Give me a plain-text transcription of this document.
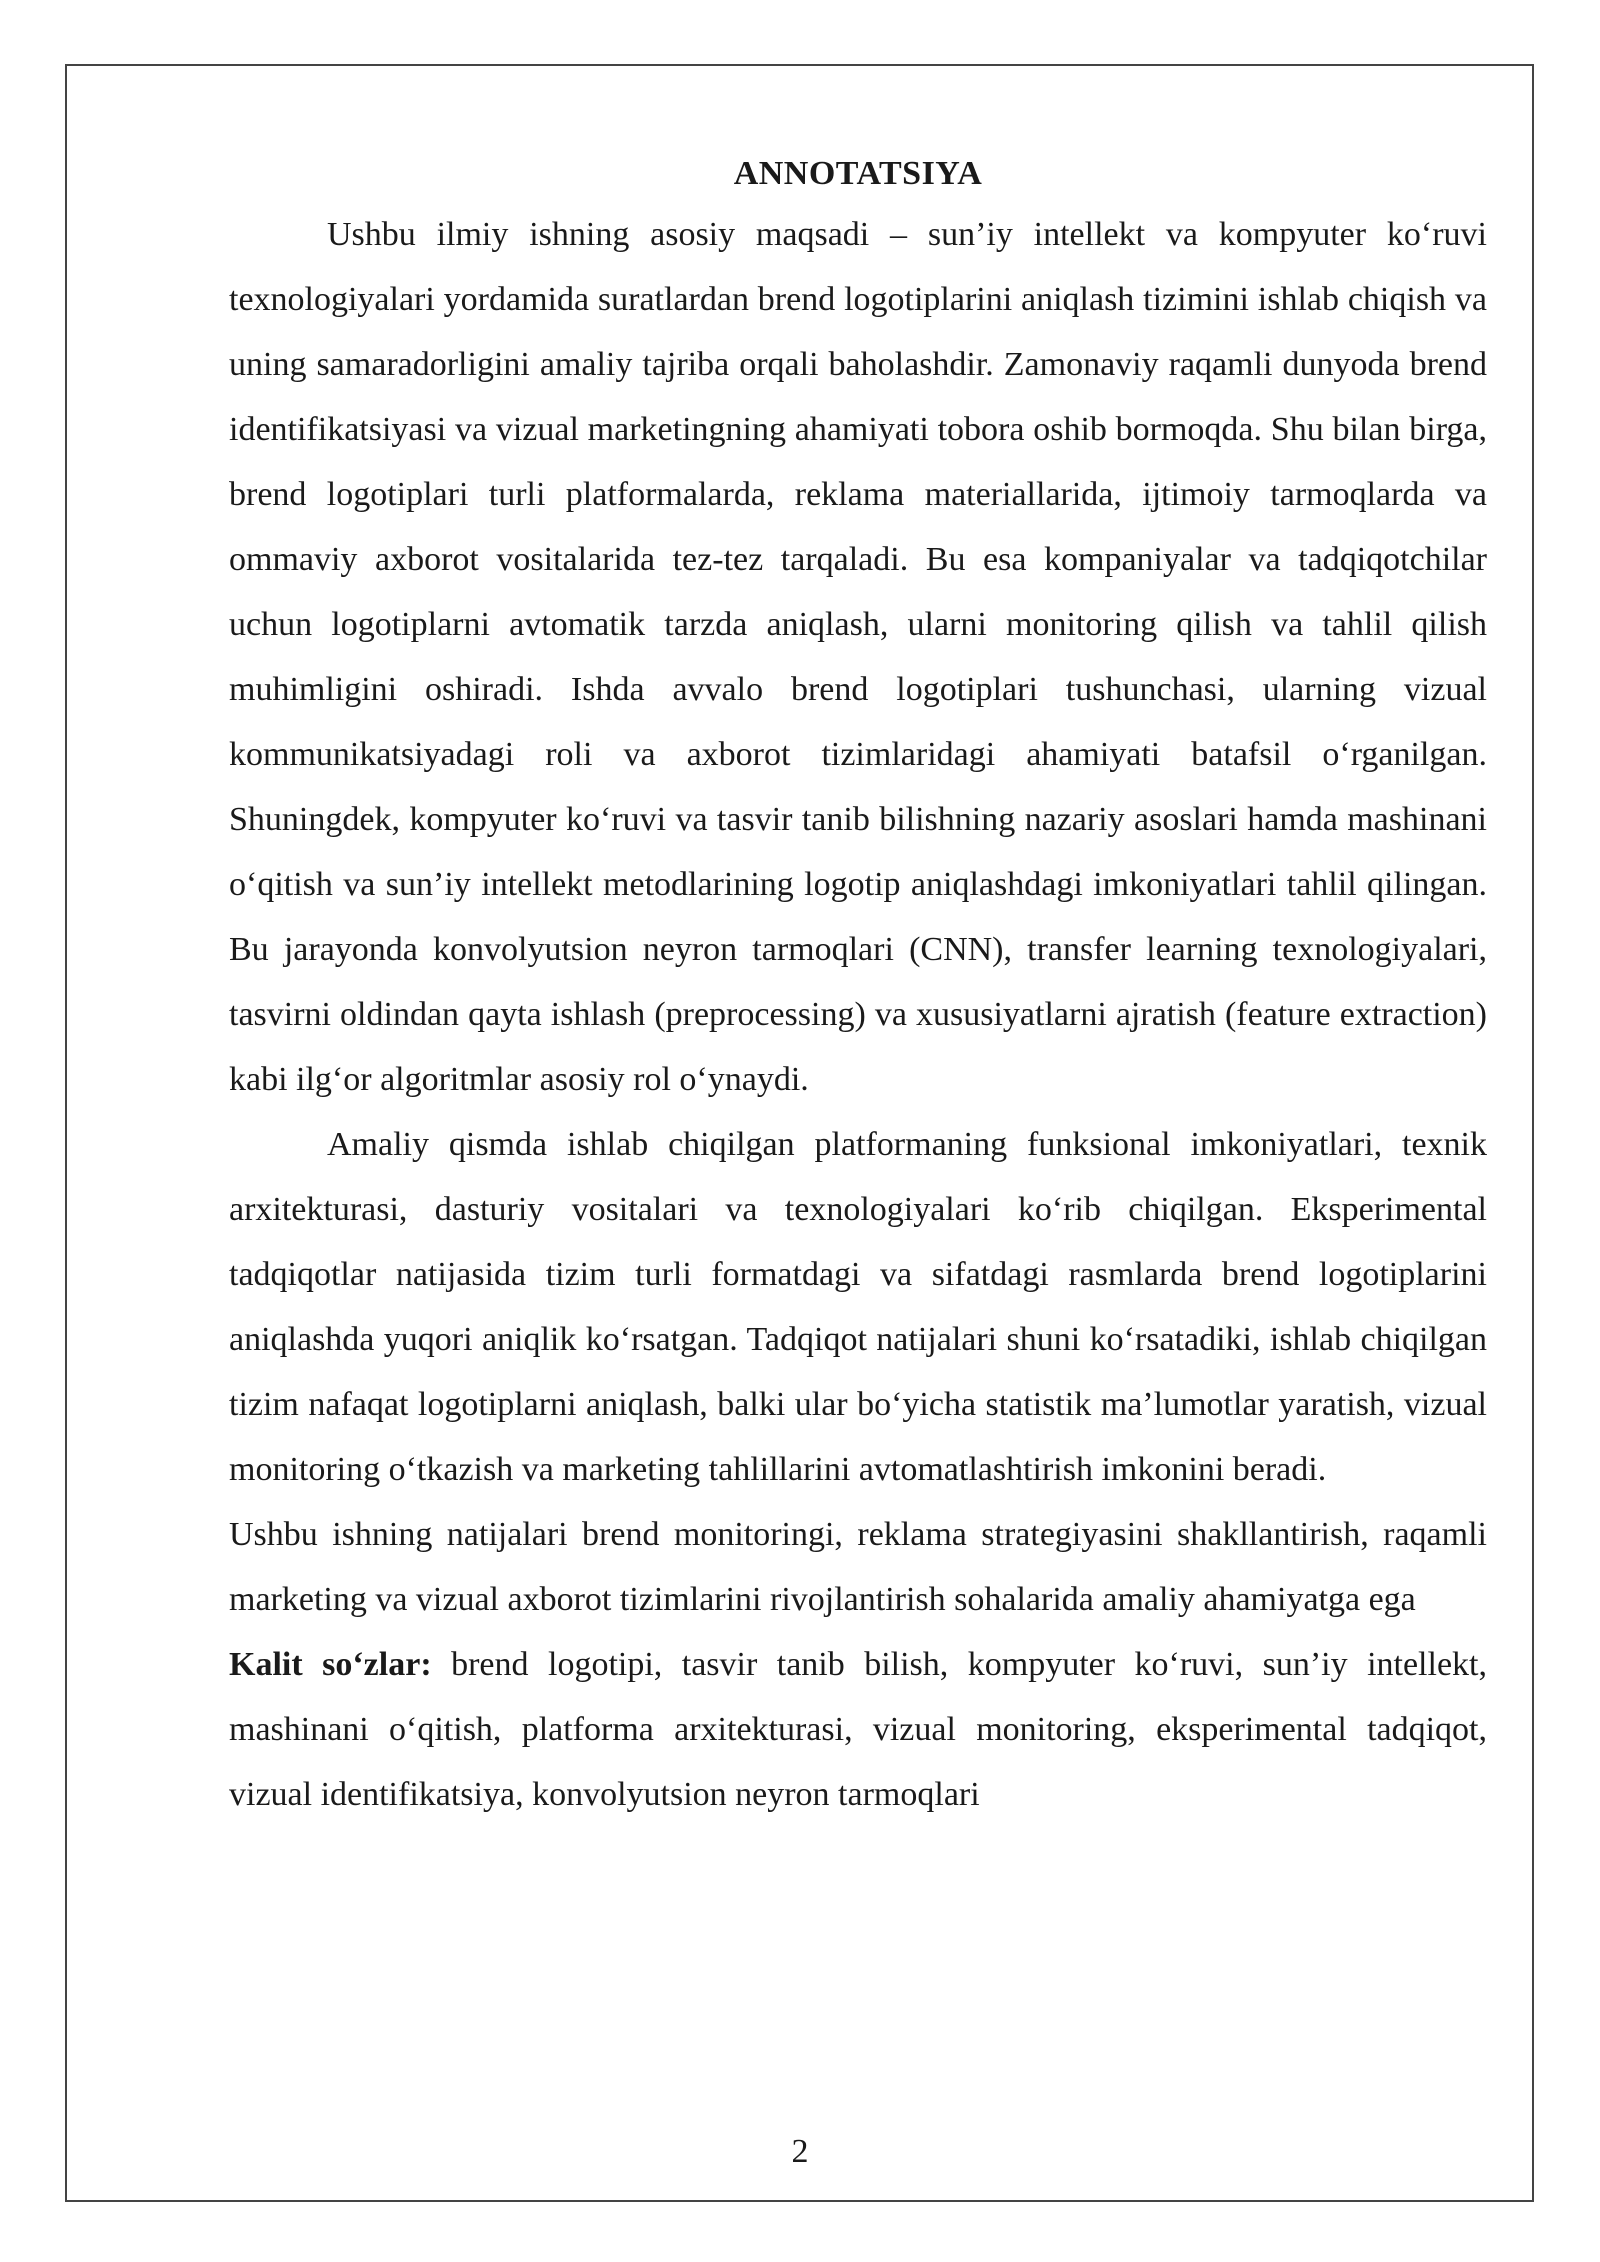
ANNOTATSIYA

Ushbu ilmiy ishning asosiy maqsadi – sun’iy intellekt va kompyuter ko‘ruvi texnologiyalari yordamida suratlardan brend logotiplarini aniqlash tizimini ishlab chiqish va uning samaradorligini amaliy tajriba orqali baholashdir. Zamonaviy raqamli dunyoda brend identifikatsiyasi va vizual marketingning ahamiyati tobora oshib bormoqda. Shu bilan birga, brend logotiplari turli platformalarda, reklama materiallarida, ijtimoiy tarmoqlarda va ommaviy axborot vositalarida tez-tez tarqaladi. Bu esa kompaniyalar va tadqiqotchilar uchun logotiplarni avtomatik tarzda aniqlash, ularni monitoring qilish va tahlil qilish muhimligini oshiradi. Ishda avvalo brend logotiplari tushunchasi, ularning vizual kommunikatsiyadagi roli va axborot tizimlaridagi ahamiyati batafsil o‘rganilgan. Shuningdek, kompyuter ko‘ruvi va tasvir tanib bilishning nazariy asoslari hamda mashinani o‘qitish va sun’iy intellekt metodlarining logotip aniqlashdagi imkoniyatlari tahlil qilingan. Bu jarayonda konvolyutsion neyron tarmoqlari (CNN), transfer learning texnologiyalari, tasvirni oldindan qayta ishlash (preprocessing) va xususiyatlarni ajratish (feature extraction) kabi ilg‘or algoritmlar asosiy rol o‘ynaydi.

Amaliy qismda ishlab chiqilgan platformaning funksional imkoniyatlari, texnik arxitekturasi, dasturiy vositalari va texnologiyalari ko‘rib chiqilgan. Eksperimental tadqiqotlar natijasida tizim turli formatdagi va sifatdagi rasmlarda brend logotiplarini aniqlashda yuqori aniqlik ko‘rsatgan. Tadqiqot natijalari shuni ko‘rsatadiki, ishlab chiqilgan tizim nafaqat logotiplarni aniqlash, balki ular bo‘yicha statistik ma’lumotlar yaratish, vizual monitoring o‘tkazish va marketing tahlillarini avtomatlashtirish imkonini beradi.

Ushbu ishning natijalari brend monitoringi, reklama strategiyasini shakllantirish, raqamli marketing va vizual axborot tizimlarini rivojlantirish sohalarida amaliy ahamiyatga ega

Kalit so‘zlar: brend logotipi, tasvir tanib bilish, kompyuter ko‘ruvi, sun’iy intellekt, mashinani o‘qitish, platforma arxitekturasi, vizual monitoring, eksperimental tadqiqot, vizual identifikatsiya, konvolyutsion neyron tarmoqlari

2
